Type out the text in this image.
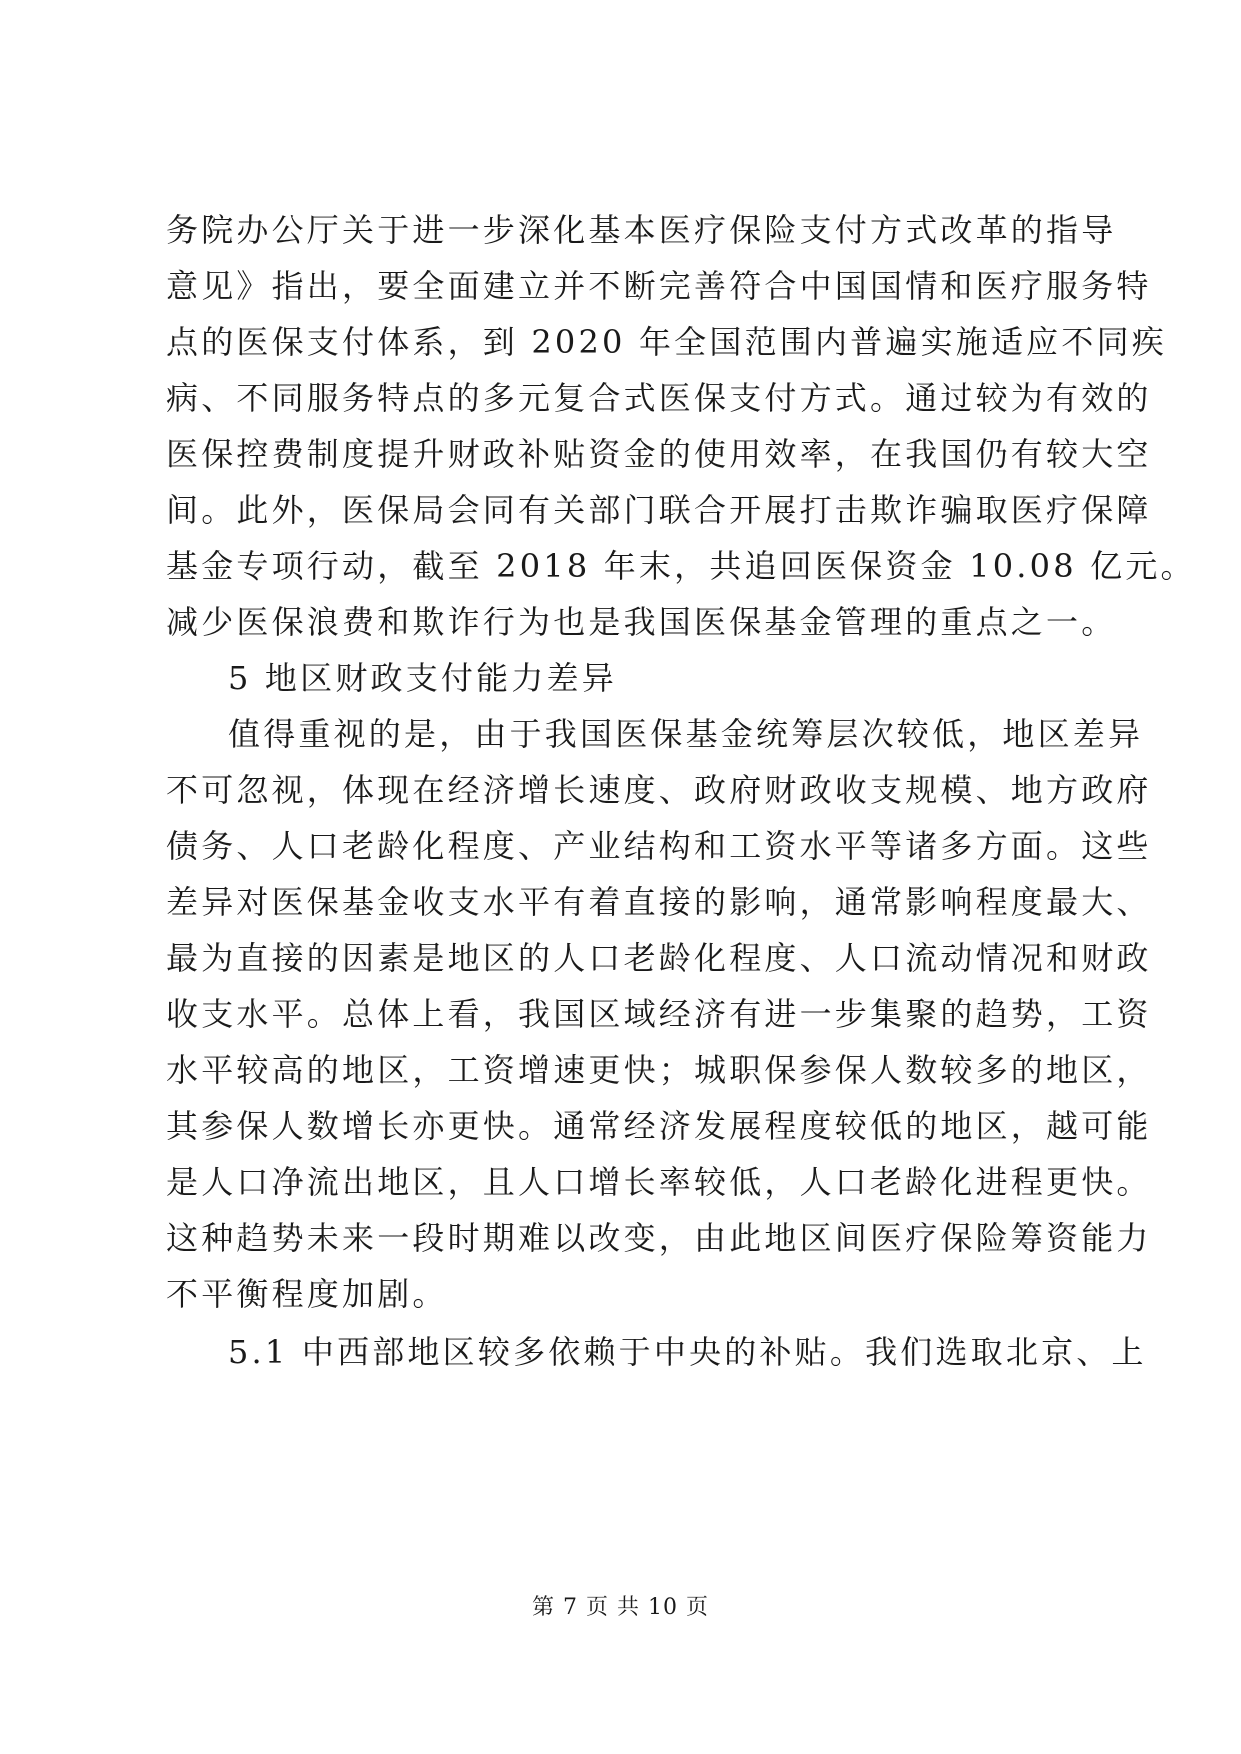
务院办公厅关于进一步深化基本医疗保险支付方式改革的指导
意见》指出，要全面建立并不断完善符合中国国情和医疗服务特
点的医保支付体系，到 2020 年全国范围内普遍实施适应不同疾
病、不同服务特点的多元复合式医保支付方式。通过较为有效的
医保控费制度提升财政补贴资金的使用效率，在我国仍有较大空
间。此外，医保局会同有关部门联合开展打击欺诈骗取医疗保障
基金专项行动，截至 2018 年末，共追回医保资金 10.08 亿元。
减少医保浪费和欺诈行为也是我国医保基金管理的重点之一。
5 地区财政支付能力差异
值得重视的是，由于我国医保基金统筹层次较低，地区差异
不可忽视，体现在经济增长速度、政府财政收支规模、地方政府
债务、人口老龄化程度、产业结构和工资水平等诸多方面。这些
差异对医保基金收支水平有着直接的影响，通常影响程度最大、
最为直接的因素是地区的人口老龄化程度、人口流动情况和财政
收支水平。总体上看，我国区域经济有进一步集聚的趋势，工资
水平较高的地区，工资增速更快；城职保参保人数较多的地区，
其参保人数增长亦更快。通常经济发展程度较低的地区，越可能
是人口净流出地区，且人口增长率较低，人口老龄化进程更快。
这种趋势未来一段时期难以改变，由此地区间医疗保险筹资能力
不平衡程度加剧。
5.1 中西部地区较多依赖于中央的补贴。我们选取北京、上
第 7 页 共 10 页
